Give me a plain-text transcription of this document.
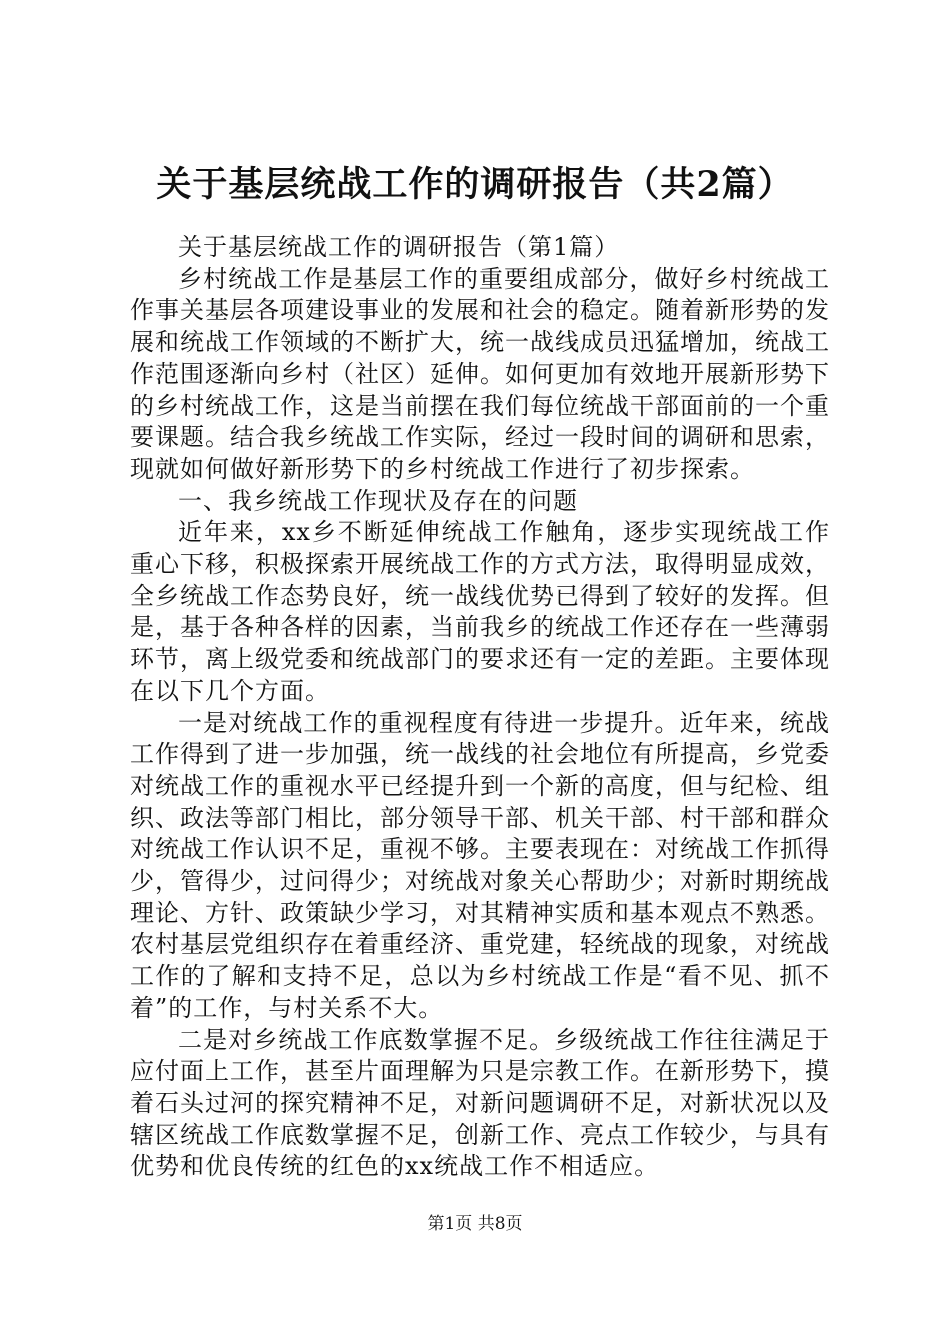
关于基层统战工作的调研报告（共2篇）

关于基层统战工作的调研报告（第1篇）

乡村统战工作是基层工作的重要组成部分，做好乡村统战工作事关基层各项建设事业的发展和社会的稳定。随着新形势的发展和统战工作领域的不断扩大，统一战线成员迅猛增加，统战工作范围逐渐向乡村（社区）延伸。如何更加有效地开展新形势下的乡村统战工作，这是当前摆在我们每位统战干部面前的一个重要课题。结合我乡统战工作实际，经过一段时间的调研和思索，现就如何做好新形势下的乡村统战工作进行了初步探索。

一、我乡统战工作现状及存在的问题

近年来，xx乡不断延伸统战工作触角，逐步实现统战工作重心下移，积极探索开展统战工作的方式方法，取得明显成效，全乡统战工作态势良好，统一战线优势已得到了较好的发挥。但是，基于各种各样的因素，当前我乡的统战工作还存在一些薄弱环节，离上级党委和统战部门的要求还有一定的差距。主要体现在以下几个方面。

一是对统战工作的重视程度有待进一步提升。近年来，统战工作得到了进一步加强，统一战线的社会地位有所提高，乡党委对统战工作的重视水平已经提升到一个新的高度，但与纪检、组织、政法等部门相比，部分领导干部、机关干部、村干部和群众对统战工作认识不足，重视不够。主要表现在：对统战工作抓得少，管得少，过问得少；对统战对象关心帮助少；对新时期统战理论、方针、政策缺少学习，对其精神实质和基本观点不熟悉。农村基层党组织存在着重经济、重党建，轻统战的现象，对统战工作的了解和支持不足，总以为乡村统战工作是“看不见、抓不着”的工作，与村关系不大。

二是对乡统战工作底数掌握不足。乡级统战工作往往满足于应付面上工作，甚至片面理解为只是宗教工作。在新形势下，摸着石头过河的探究精神不足，对新问题调研不足，对新状况以及辖区统战工作底数掌握不足，创新工作、亮点工作较少，与具有优势和优良传统的红色的xx统战工作不相适应。

第1页 共8页
